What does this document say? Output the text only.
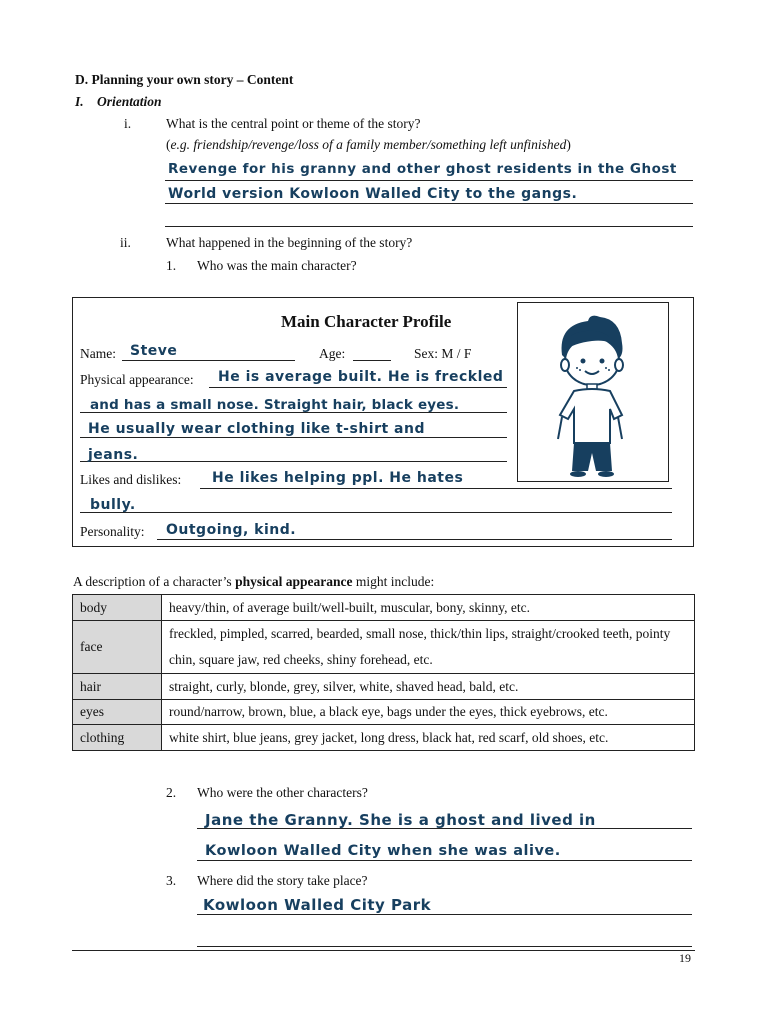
D. Planning your own story – Content
I. Orientation
i.	What is the central point or theme of the story?
(e.g. friendship/revenge/loss of a family member/something left unfinished)
Revenge for his granny and other ghost residents in the Ghost
World version Kowloon Walled City to the gangs.
ii.	What happened in the beginning of the story?
1. Who was the main character?
Main Character Profile
Name: Steve	Age:	Sex: M / F
Physical appearance: He is average built. He is freckled
and has a small nose. Straight hair, black eyes.
He usually wear clothing like t-shirt and
jeans.
Likes and dislikes: He likes helping ppl. He hates
bully.
Personality: Outgoing, kind.
A description of a character’s physical appearance might include:
body	heavy/thin, of average built/well-built, muscular, bony, skinny, etc.
face	freckled, pimpled, scarred, bearded, small nose, thick/thin lips, straight/crooked teeth, pointy chin, square jaw, red cheeks, shiny forehead, etc.
hair	straight, curly, blonde, grey, silver, white, shaved head, bald, etc.
eyes	round/narrow, brown, blue, a black eye, bags under the eyes, thick eyebrows, etc.
clothing	white shirt, blue jeans, grey jacket, long dress, black hat, red scarf, old shoes, etc.
2. Who were the other characters?
Jane the Granny. She is a ghost and lived in
Kowloon Walled City when she was alive.
3. Where did the story take place?
Kowloon Walled City Park
19
